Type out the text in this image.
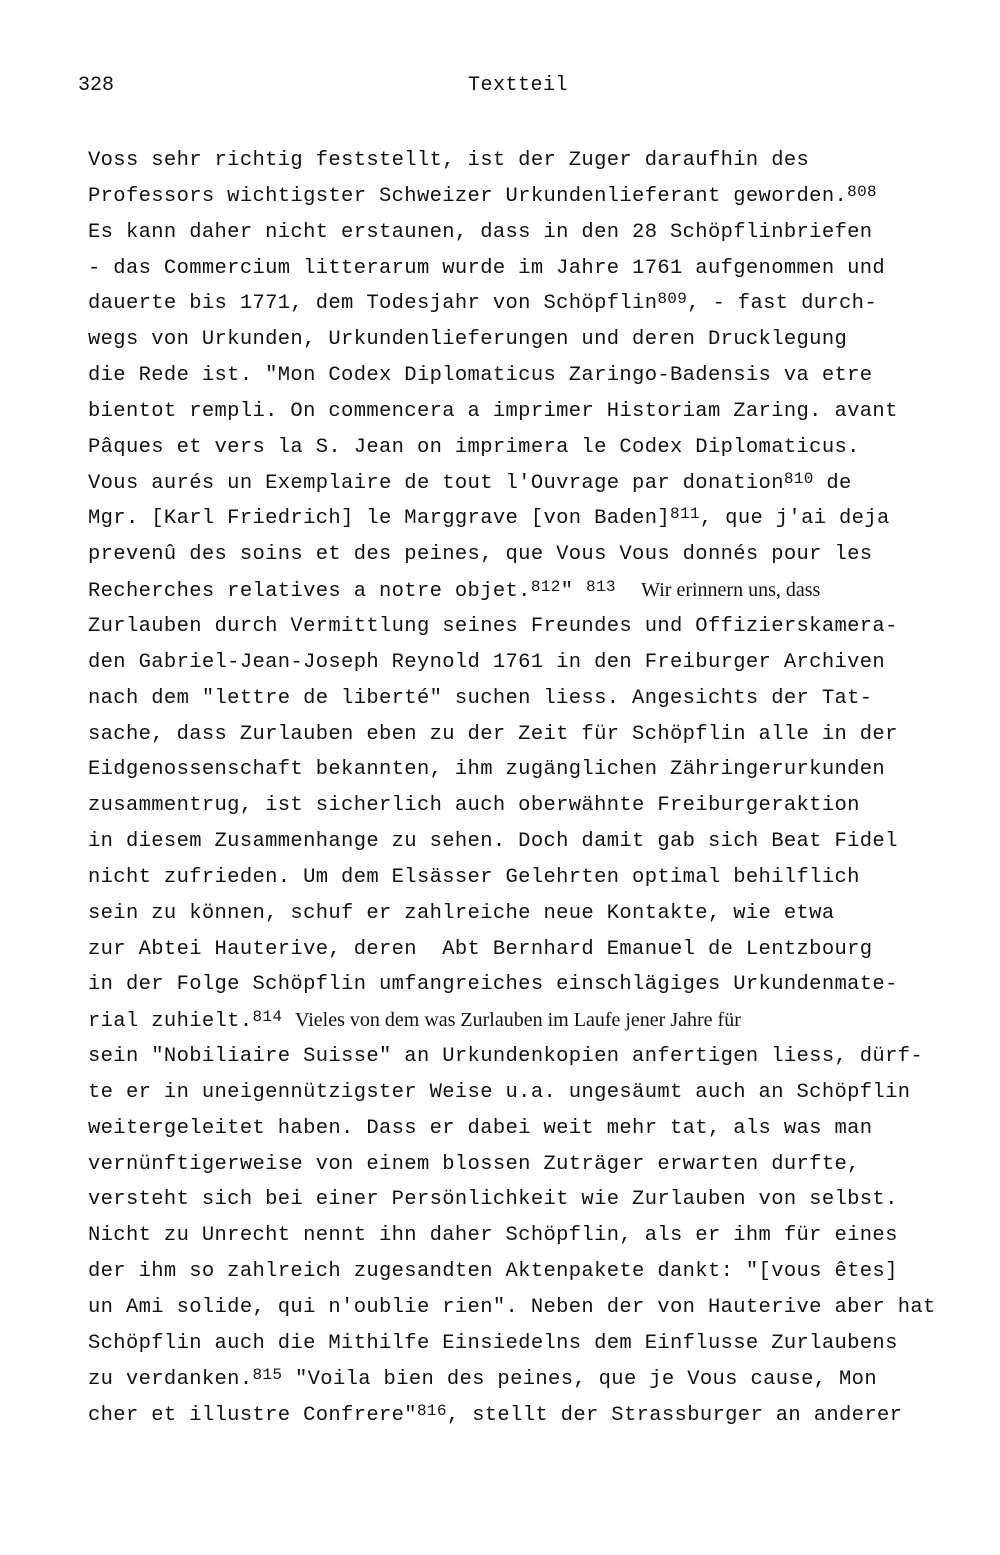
328	Textteil
Voss sehr richtig feststellt, ist der Zuger daraufhin des
Professors wichtigster Schweizer Urkundenlieferant geworden.$^{808}$
Es kann daher nicht erstaunen, dass in den 28 Schöpflinbriefen
- das Commercium litterarum wurde im Jahre 1761 aufgenommen und
dauerte bis 1771, dem Todesjahr von Schöpflin$^{809}$, - fast durch-
wegs von Urkunden, Urkundenlieferungen und deren Drucklegung
die Rede ist. "Mon Codex Diplomaticus Zaringo-Badensis va etre
bientot rempli. On commencera a imprimer Historiam Zaring. avant
Pâques et vers la S. Jean on imprimera le Codex Diplomaticus.
Vous aurés un Exemplaire de tout l'Ouvrage par donation$^{810}$ de
Mgr. [Karl Friedrich] le Marggrave [von Baden]$^{811}$, que j'ai deja
prevenû des soins et des peines, que Vous Vous donnés pour les
Recherches relatives a notre objet.$^{812}$" $^{813}$ Wir erinnern uns, dass
Zurlauben durch Vermittlung seines Freundes und Offizierskamera-
den Gabriel-Jean-Joseph Reynold 1761 in den Freiburger Archiven
nach dem "lettre de liberté" suchen liess. Angesichts der Tat-
sache, dass Zurlauben eben zu der Zeit für Schöpflin alle in der
Eidgenossenschaft bekannten, ihm zugänglichen Zähringerurkunden
zusammentrug, ist sicherlich auch oberwähnte Freiburgeraktion
in diesem Zusammenhange zu sehen. Doch damit gab sich Beat Fidel
nicht zufrieden. Um dem Elsässer Gelehrten optimal behilflich
sein zu können, schuf er zahlreiche neue Kontakte, wie etwa
zur Abtei Hauterive, deren  Abt Bernhard Emanuel de Lentzbourg
in der Folge Schöpflin umfangreiches einschlägiges Urkundenmate-
rial zuhielt.$^{814}$ Vieles von dem was Zurlauben im Laufe jener Jahre für
sein "Nobiliaire Suisse" an Urkundenkopien anfertigen liess, dürf-
te er in uneigennützigster Weise u.a. ungesäumt auch an Schöpflin
weitergeleitet haben. Dass er dabei weit mehr tat, als was man
vernünftigerweise von einem blossen Zuträger erwarten durfte,
versteht sich bei einer Persönlichkeit wie Zurlauben von selbst.
Nicht zu Unrecht nennt ihn daher Schöpflin, als er ihm für eines
der ihm so zahlreich zugesandten Aktenpakete dankt: "[vous êtes]
un Ami solide, qui n'oublie rien". Neben der von Hauterive aber hat
Schöpflin auch die Mithilfe Einsiedelns dem Einflusse Zurlaubens
zu verdanken.$^{815}$ "Voila bien des peines, que je Vous cause, Mon
cher et illustre Confrere"$^{816}$, stellt der Strassburger an anderer
